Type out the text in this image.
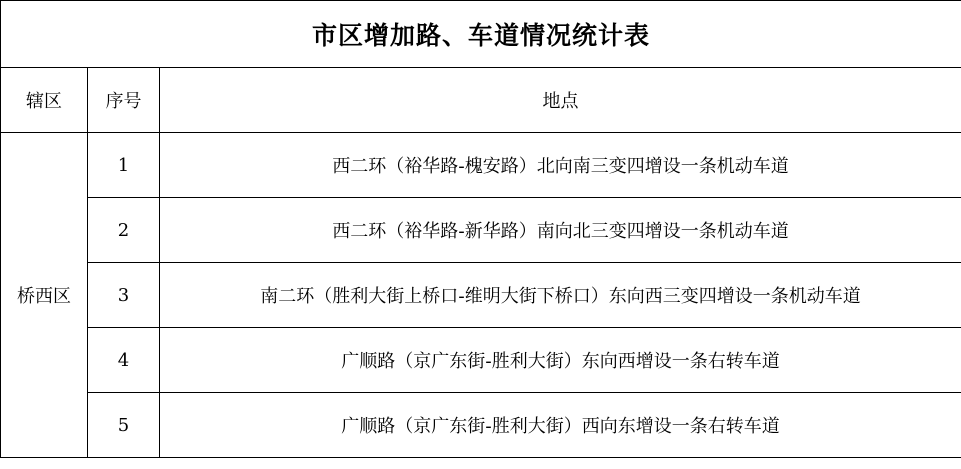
市区增加路、车道情况统计表		
辖区	序号	地点
桥西区	1	西二环（裕华路-槐安路）北向南三变四增设一条机动车道
	2	西二环（裕华路-新华路）南向北三变四增设一条机动车道
	3	南二环（胜利大街上桥口-维明大街下桥口）东向西三变四增设一条机动车道
	4	广顺路（京广东街-胜利大街）东向西增设一条右转车道
	5	广顺路（京广东街-胜利大街）西向东增设一条右转车道
